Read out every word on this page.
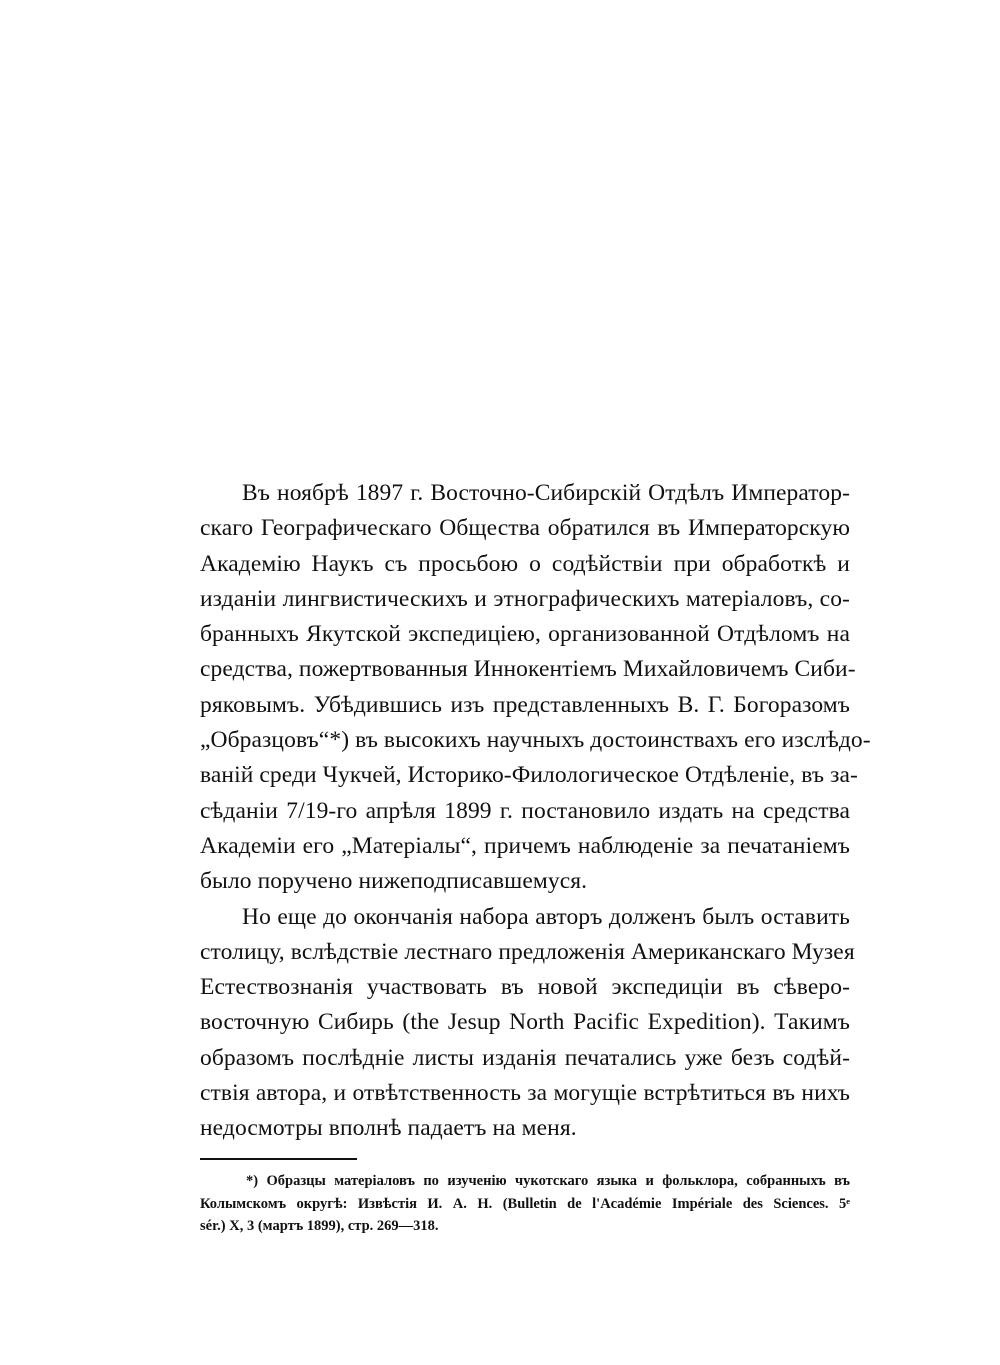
Въ ноябрѣ 1897 г. Восточно-Сибирскій Отдѣлъ Император-
скаго Географическаго Общества обратился въ Императорскую
Академію Наукъ съ просьбою о содѣйствіи при обработкѣ и
изданіи лингвистическихъ и этнографическихъ матеріаловъ, со-
бранныхъ Якутской экспедиціею, организованной Отдѣломъ на
средства, пожертвованныя Иннокентіемъ Михайловичемъ Сиби-
ряковымъ. Убѣдившись изъ представленныхъ В. Г. Богоразомъ
„Образцовъ“*) въ высокихъ научныхъ достоинствахъ его изслѣдо-
ваній среди Чукчей, Историко-Филологическое Отдѣленіе, въ за-
сѣданіи 7/19-го апрѣля 1899 г. постановило издать на средства
Академіи его „Матеріалы“, причемъ наблюденіе за печатаніемъ
было поручено нижеподписавшемуся.
Но еще до окончанія набора авторъ долженъ былъ оставить
столицу, вслѣдствіе лестнаго предложенія Американскаго Музея
Естествознанія участвовать въ новой экспедиціи въ сѣверо-
восточную Сибирь (the Jesup North Pacific Expedition). Такимъ
образомъ послѣдніе листы изданія печатались уже безъ содѣй-
ствія автора, и отвѣтственность за могущіе встрѣтиться въ нихъ
недосмотры вполнѣ падаетъ на меня.
*) Образцы матеріаловъ по изученію чукотскаго языка и фольклора, собранныхъ въ
Колымскомъ округѣ: Извѣстія И. А. Н. (Bulletin de l'Académie Impériale des Sciences. 5ᵉ
sér.) X, 3 (мартъ 1899), стр. 269—318.
